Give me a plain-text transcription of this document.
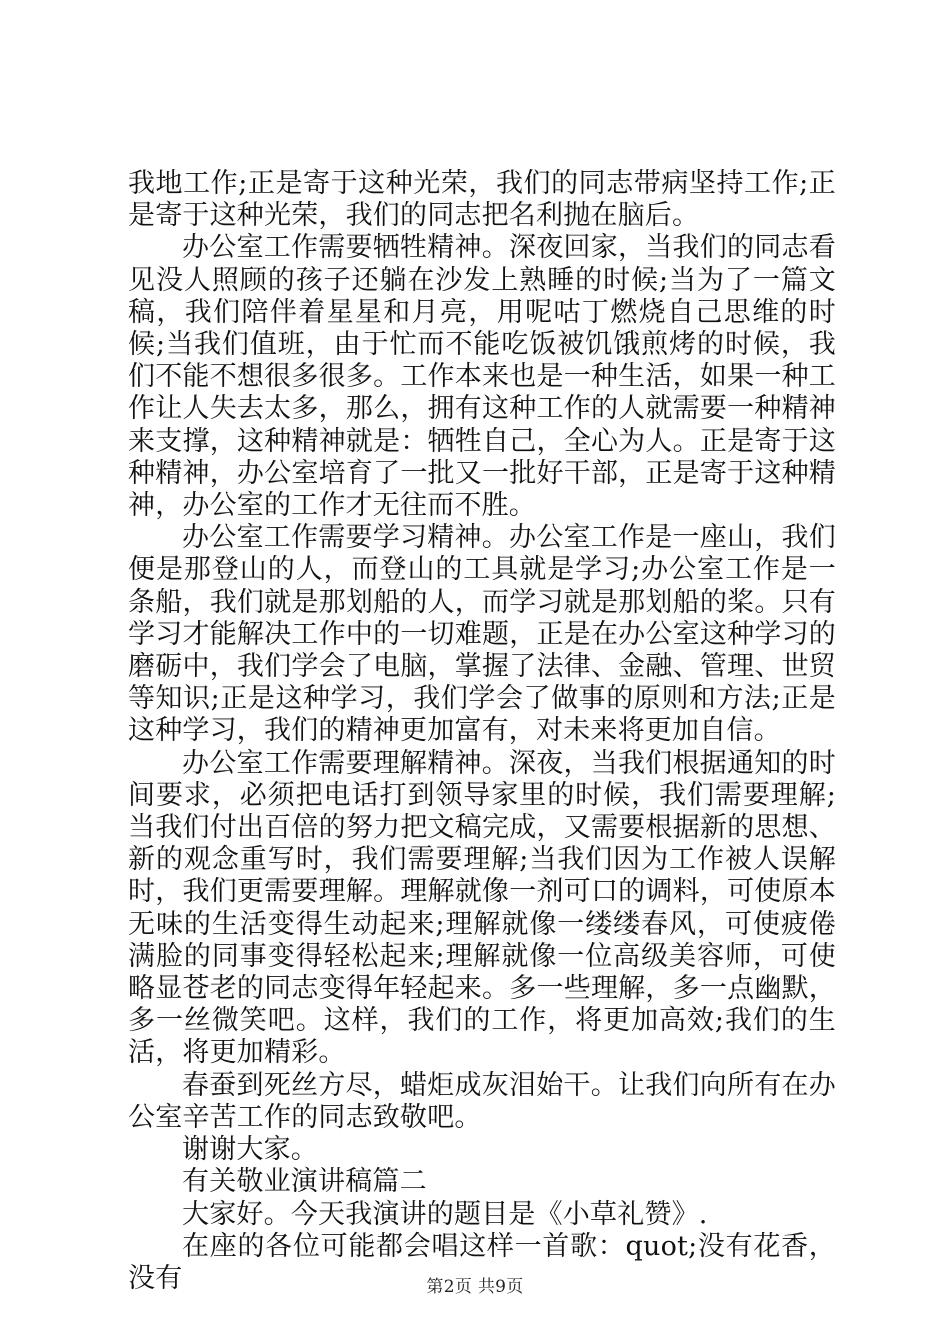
我地工作;正是寄于这种光荣，我们的同志带病坚持工作;正是寄于这种光荣，我们的同志把名利抛在脑后。

办公室工作需要牺牲精神。深夜回家，当我们的同志看见没人照顾的孩子还躺在沙发上熟睡的时候;当为了一篇文稿，我们陪伴着星星和月亮，用呢咕丁燃烧自己思维的时候;当我们值班，由于忙而不能吃饭被饥饿煎烤的时候，我们不能不想很多很多。工作本来也是一种生活，如果一种工作让人失去太多，那么，拥有这种工作的人就需要一种精神来支撑，这种精神就是：牺牲自己，全心为人。正是寄于这种精神，办公室培育了一批又一批好干部，正是寄于这种精神，办公室的工作才无往而不胜。

办公室工作需要学习精神。办公室工作是一座山，我们便是那登山的人，而登山的工具就是学习;办公室工作是一条船，我们就是那划船的人，而学习就是那划船的桨。只有学习才能解决工作中的一切难题，正是在办公室这种学习的磨砺中，我们学会了电脑，掌握了法律、金融、管理、世贸等知识;正是这种学习，我们学会了做事的原则和方法;正是这种学习，我们的精神更加富有，对未来将更加自信。

办公室工作需要理解精神。深夜，当我们根据通知的时间要求，必须把电话打到领导家里的时候，我们需要理解;当我们付出百倍的努力把文稿完成，又需要根据新的思想、新的观念重写时，我们需要理解;当我们因为工作被人误解时，我们更需要理解。理解就像一剂可口的调料，可使原本无味的生活变得生动起来;理解就像一缕缕春风，可使疲倦满脸的同事变得轻松起来;理解就像一位高级美容师，可使略显苍老的同志变得年轻起来。多一些理解，多一点幽默，多一丝微笑吧。这样，我们的工作，将更加高效;我们的生活，将更加精彩。

春蚕到死丝方尽，蜡炬成灰泪始干。让我们向所有在办公室辛苦工作的同志致敬吧。

谢谢大家。

有关敬业演讲稿篇二

大家好。今天我演讲的题目是《小草礼赞》.

在座的各位可能都会唱这样一首歌：quot;没有花香，没有	第2页 共9页
